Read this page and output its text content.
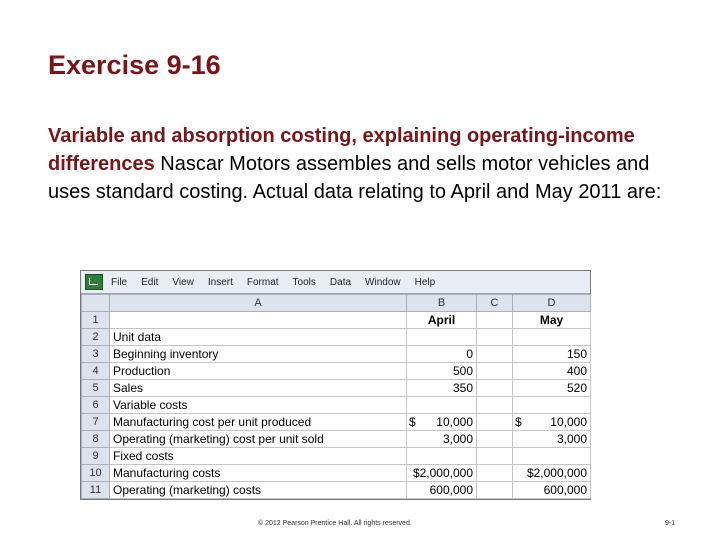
Exercise 9-16

Variable and absorption costing, explaining operating-income differences Nascar Motors assembles and sells motor vehicles and uses standard costing. Actual data relating to April and May 2011 are:

File Edit View Insert Format Tools Data Window Help
	A	B	C	D
1		April		May
2	Unit data			
3	Beginning inventory	0		150
4	Production	500		400
5	Sales	350		520
6	Variable costs			
7	Manufacturing cost per unit produced	$ 10,000		$ 10,000
8	Operating (marketing) cost per unit sold	3,000		3,000
9	Fixed costs			
10	Manufacturing costs	$2,000,000		$2,000,000
11	Operating (marketing) costs	600,000		600,000
© 2012 Pearson Prentice Hall. All rights reserved.	9-1
